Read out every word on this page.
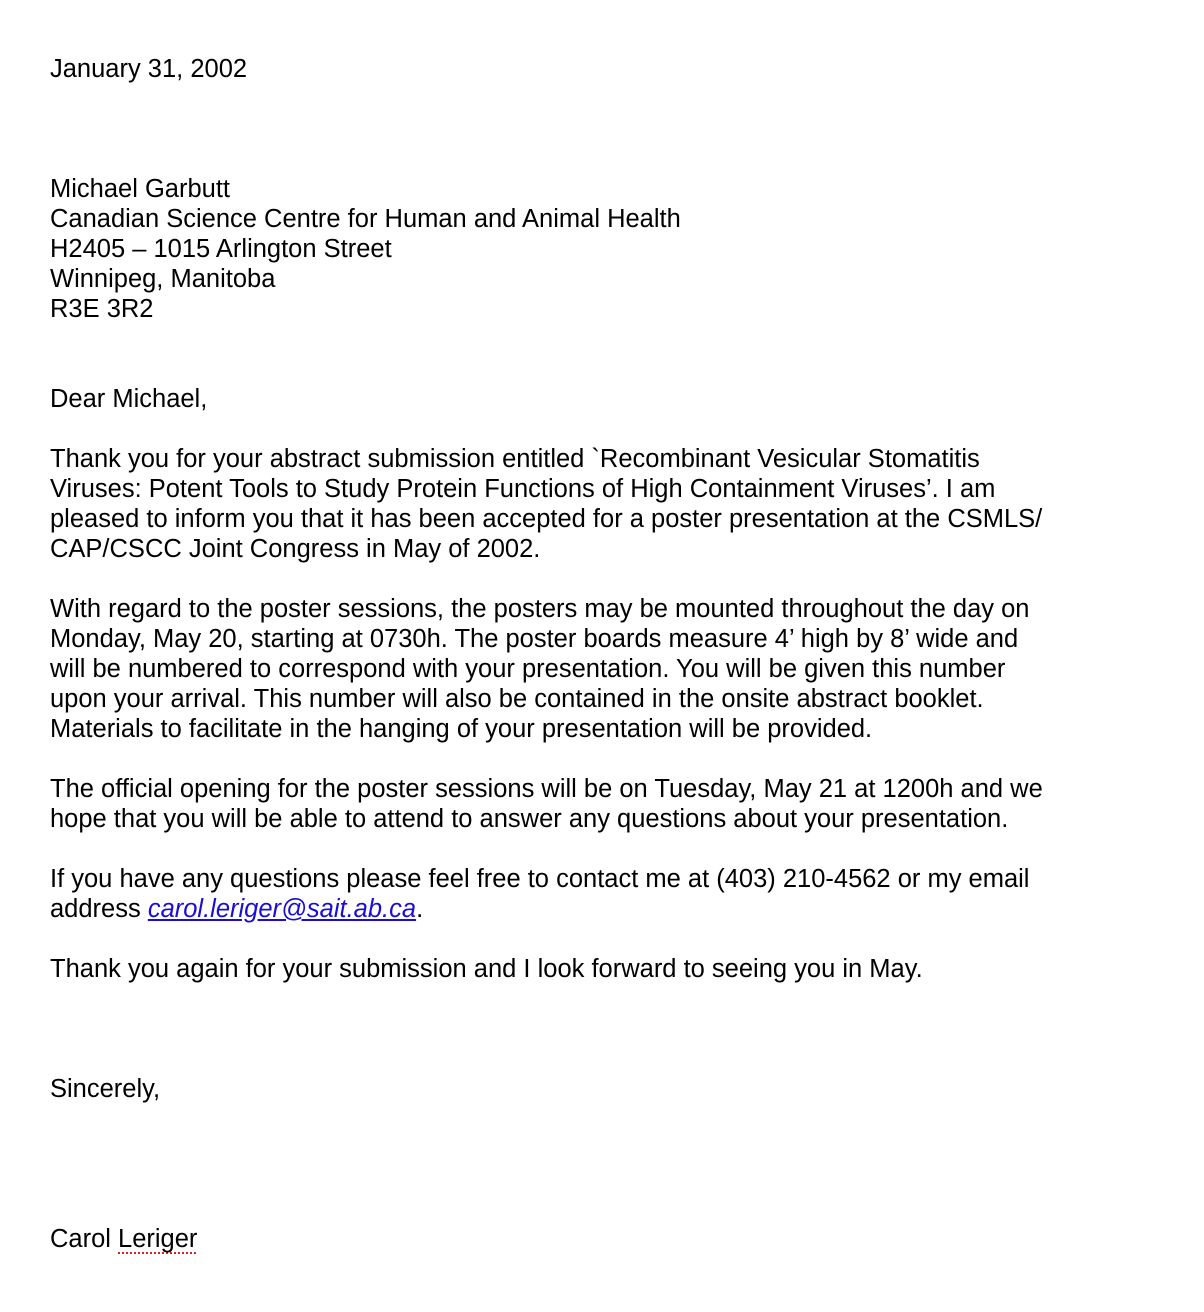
January 31, 2002
Michael Garbutt
Canadian Science Centre for Human and Animal Health
H2405 – 1015 Arlington Street
Winnipeg, Manitoba
R3E 3R2
Dear Michael,
Thank you for your abstract submission entitled `Recombinant Vesicular Stomatitis
Viruses: Potent Tools to Study Protein Functions of High Containment Viruses’. I am
pleased to inform you that it has been accepted for a poster presentation at the CSMLS/
CAP/CSCC Joint Congress in May of 2002.
With regard to the poster sessions, the posters may be mounted throughout the day on
Monday, May 20, starting at 0730h. The poster boards measure 4’ high by 8’ wide and
will be numbered to correspond with your presentation. You will be given this number
upon your arrival. This number will also be contained in the onsite abstract booklet.
Materials to facilitate in the hanging of your presentation will be provided.
The official opening for the poster sessions will be on Tuesday, May 21 at 1200h and we
hope that you will be able to attend to answer any questions about your presentation.
If you have any questions please feel free to contact me at (403) 210-4562 or my email
address carol.leriger@sait.ab.ca.
Thank you again for your submission and I look forward to seeing you in May.
Sincerely,
Carol Leriger
